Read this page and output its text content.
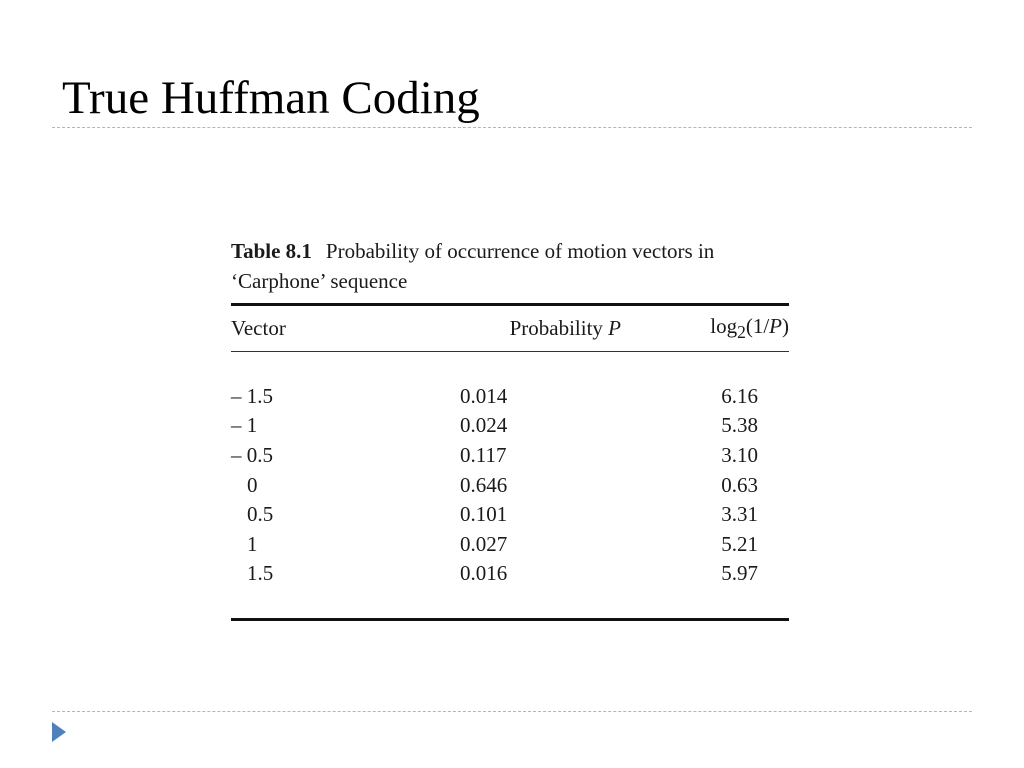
True Huffman Coding

Table 8.1 Probability of occurrence of motion vectors in ‘Carphone’ sequence

Vector	Probability P	$\log_2(1/P)$

– 1.5	0.014	6.16
– 1	0.024	5.38
– 0.5	0.117	3.10
0	0.646	0.63
0.5	0.101	3.31
1	0.027	5.21
1.5	0.016	5.97
